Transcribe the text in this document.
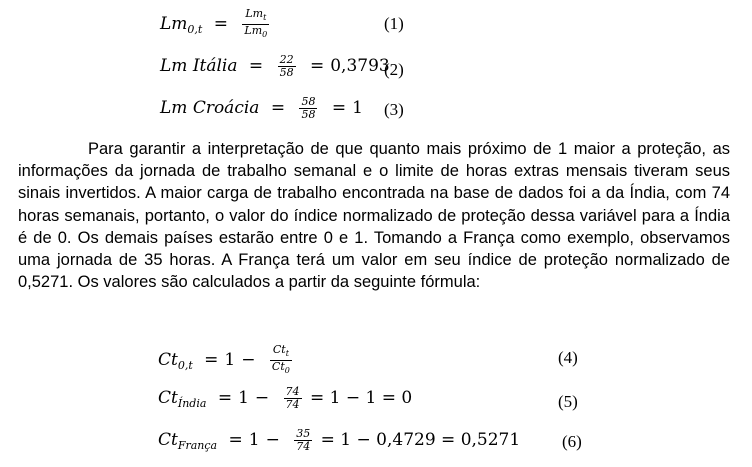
$Lm_{0,t} = \frac{Lm_t}{Lm_0}$	(1)
Lm Itália = $\frac{22}{58} = 0,3793$
(2)
Lm Croácia = $\frac{58}{58} = 1$ (3)
Para garantir a interpretação de que quanto mais próximo de 1 maior a proteção, as informações da jornada de trabalho semanal e o limite de horas extras mensais tiveram seus sinais invertidos. A maior carga de trabalho encontrada na base de dados foi a da Índia, com 74 horas semanais, portanto, o valor do índice normalizado de proteção dessa variável para a Índia é de 0. Os demais países estarão entre 0 e 1. Tomando a França como exemplo, observamos uma jornada de 35 horas. A França terá um valor em seu índice de proteção normalizado de 0,5271. Os valores são calculados a partir da seguinte fórmula:
$Ct_{0,t} = 1 - \frac{Ct_t}{Ct_0}$	(4)
$Ct_{Índia} = 1 - \frac{74}{74} = 1 - 1 = 0$	(5)
$Ct_{França} = 1 - \frac{35}{74} = 1 - 0,4729 = 0,5271$ (6)
